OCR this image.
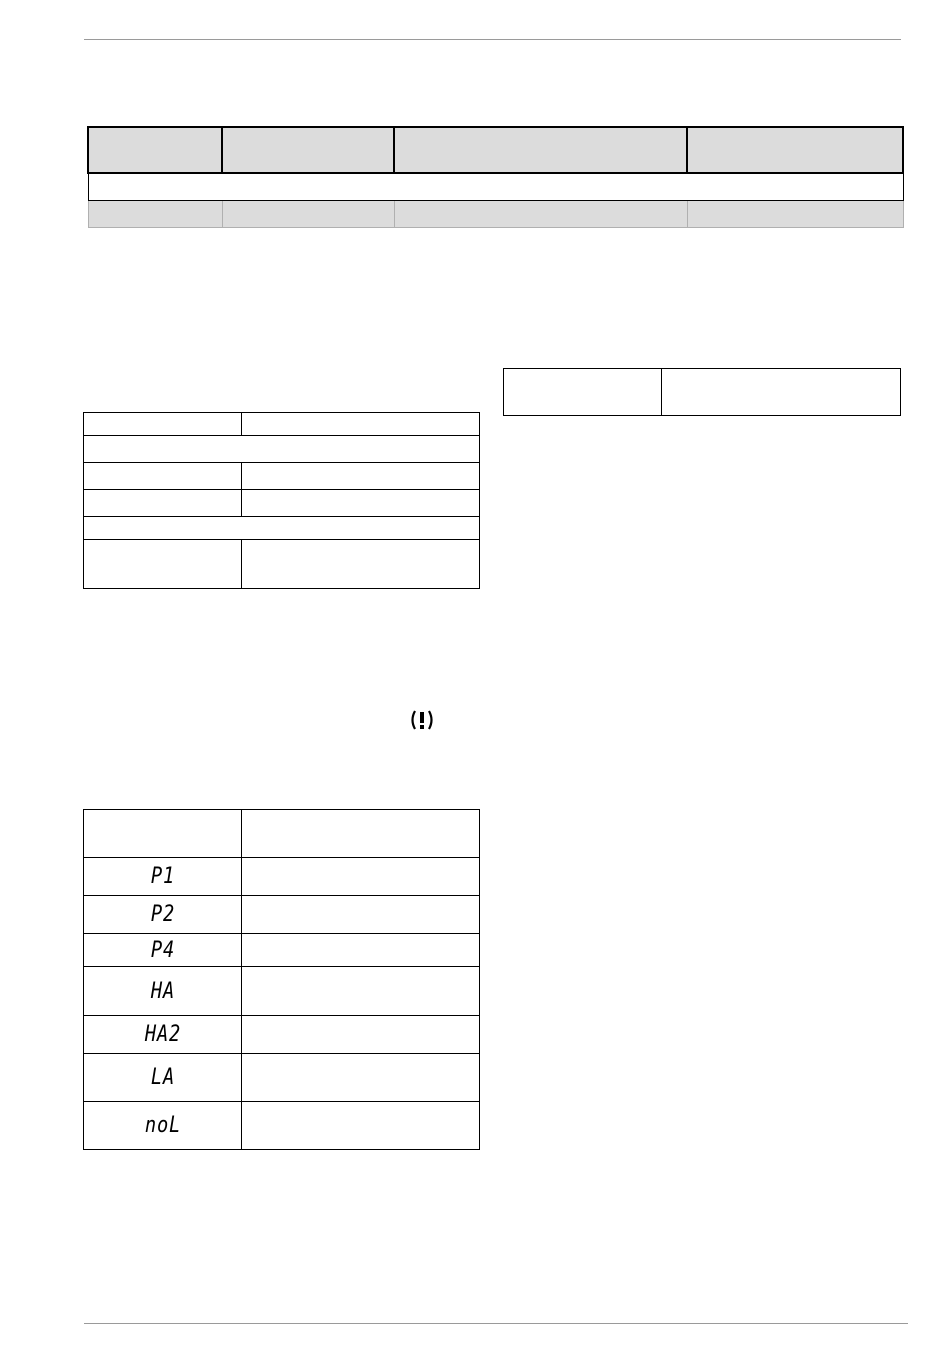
P1	
P2	
P4	
HA	
HA2	
LA	
noL	
